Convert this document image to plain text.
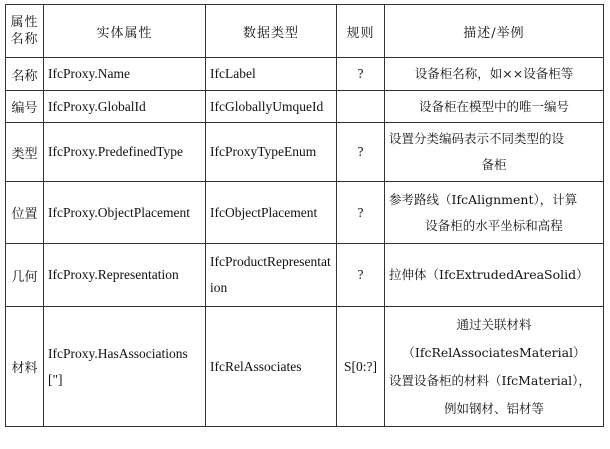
属性名称	实体属性	数据类型	规则	描述/举例
名称	IfcProxy.Name	IfcLabel	?	设备柜名称，如××设备柜等

编号	IfcProxy.GlobalId	IfcGloballyUmqueId		设备柜在模型中的唯一编号

类型	IfcProxy.PredefinedType	IfcProxyTypeEnum	?	设置分类编码表示不同类型的设
备柜

位置	IfcProxy.ObjectPlacement	IfcObjectPlacement	?	参考路线（IfcAlignment），计算
设备柜的水平坐标和高程

几何	IfcProxy.Representation	IfcProductRepresentation	?	拉伸体（IfcExtrudedAreaSolid）

材料	IfcProxy.HasAssociations["]	IfcRelAssociates	S[0:?]	通过关联材料
（IfcRelAssociatesMaterial）
设置设备柜的材料（IfcMaterial），
例如钢材、铝材等
